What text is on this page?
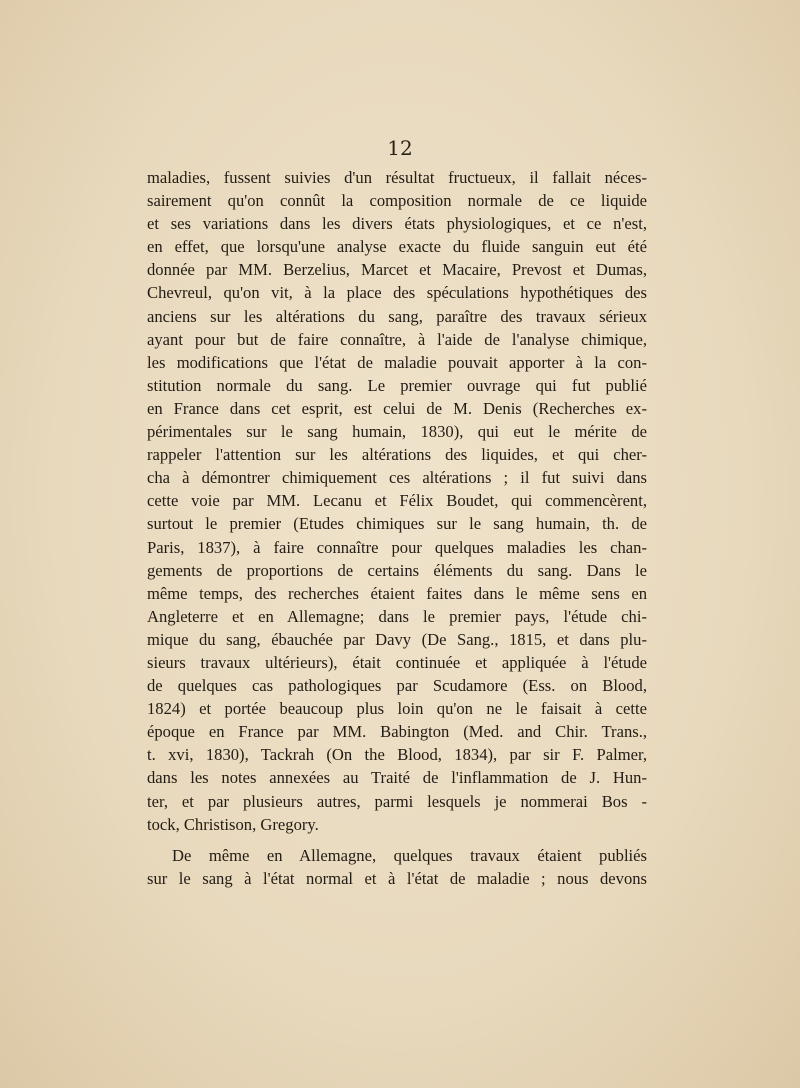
12
maladies, fussent suivies d'un résultat fructueux, il fallait néces-
sairement qu'on connût la composition normale de ce liquide
et ses variations dans les divers états physiologiques, et ce n'est,
en effet, que lorsqu'une analyse exacte du fluide sanguin eut été
donnée par MM. Berzelius, Marcet et Macaire, Prevost et Dumas,
Chevreul, qu'on vit, à la place des spéculations hypothétiques des
anciens sur les altérations du sang, paraître des travaux sérieux
ayant pour but de faire connaître, à l'aide de l'analyse chimique,
les modifications que l'état de maladie pouvait apporter à la con-
stitution normale du sang. Le premier ouvrage qui fut publié
en France dans cet esprit, est celui de M. Denis (Recherches ex-
périmentales sur le sang humain, 1830), qui eut le mérite de
rappeler l'attention sur les altérations des liquides, et qui cher-
cha à démontrer chimiquement ces altérations ; il fut suivi dans
cette voie par MM. Lecanu et Félix Boudet, qui commencèrent,
surtout le premier (Etudes chimiques sur le sang humain, th. de
Paris, 1837), à faire connaître pour quelques maladies les chan-
gements de proportions de certains éléments du sang. Dans le
même temps, des recherches étaient faites dans le même sens en
Angleterre et en Allemagne; dans le premier pays, l'étude chi-
mique du sang, ébauchée par Davy (De Sang., 1815, et dans plu-
sieurs travaux ultérieurs), était continuée et appliquée à l'étude
de quelques cas pathologiques par Scudamore (Ess. on Blood,
1824) et portée beaucoup plus loin qu'on ne le faisait à cette
époque en France par MM. Babington (Med. and Chir. Trans.,
t. xvi, 1830), Tackrah (On the Blood, 1834), par sir F. Palmer,
dans les notes annexées au Traité de l'inflammation de J. Hun-
ter, et par plusieurs autres, parmi lesquels je nommerai Bos -
tock, Christison, Gregory.
De même en Allemagne, quelques travaux étaient publiés
sur le sang à l'état normal et à l'état de maladie ; nous devons
